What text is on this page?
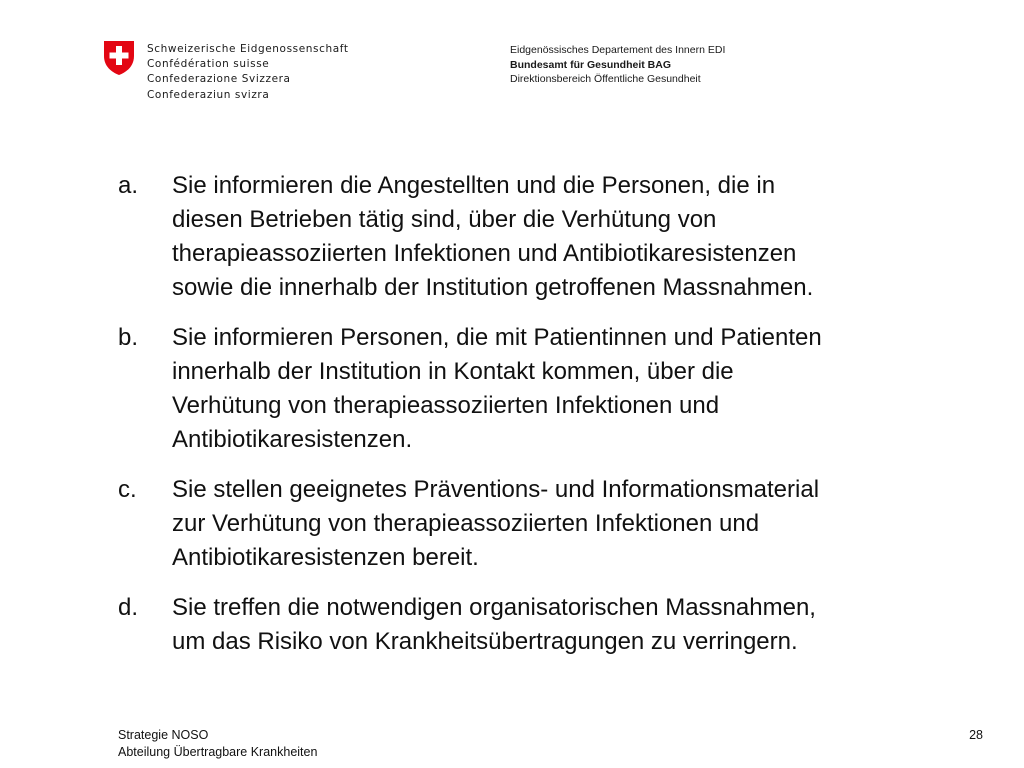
Schweizerische Eidgenossenschaft
Confédération suisse
Confederazione Svizzera
Confederaziun svizra
Eidgenössisches Departement des Innern EDI
Bundesamt für Gesundheit BAG
Direktionsbereich Öffentliche Gesundheit
a. Sie informieren die Angestellten und die Personen, die in
diesen Betrieben tätig sind, über die Verhütung von
therapieassoziierten Infektionen und Antibiotikaresistenzen
sowie die innerhalb der Institution getroffenen Massnahmen.
b. Sie informieren Personen, die mit Patientinnen und Patienten
innerhalb der Institution in Kontakt kommen, über die
Verhütung von therapieassoziierten Infektionen und
Antibiotikaresistenzen.
c. Sie stellen geeignetes Präventions- und Informationsmaterial
zur Verhütung von therapieassoziierten Infektionen und
Antibiotikaresistenzen bereit.
d. Sie treffen die notwendigen organisatorischen Massnahmen,
um das Risiko von Krankheitsübertragungen zu verringern.
Strategie NOSO
Abteilung Übertragbare Krankheiten
28
